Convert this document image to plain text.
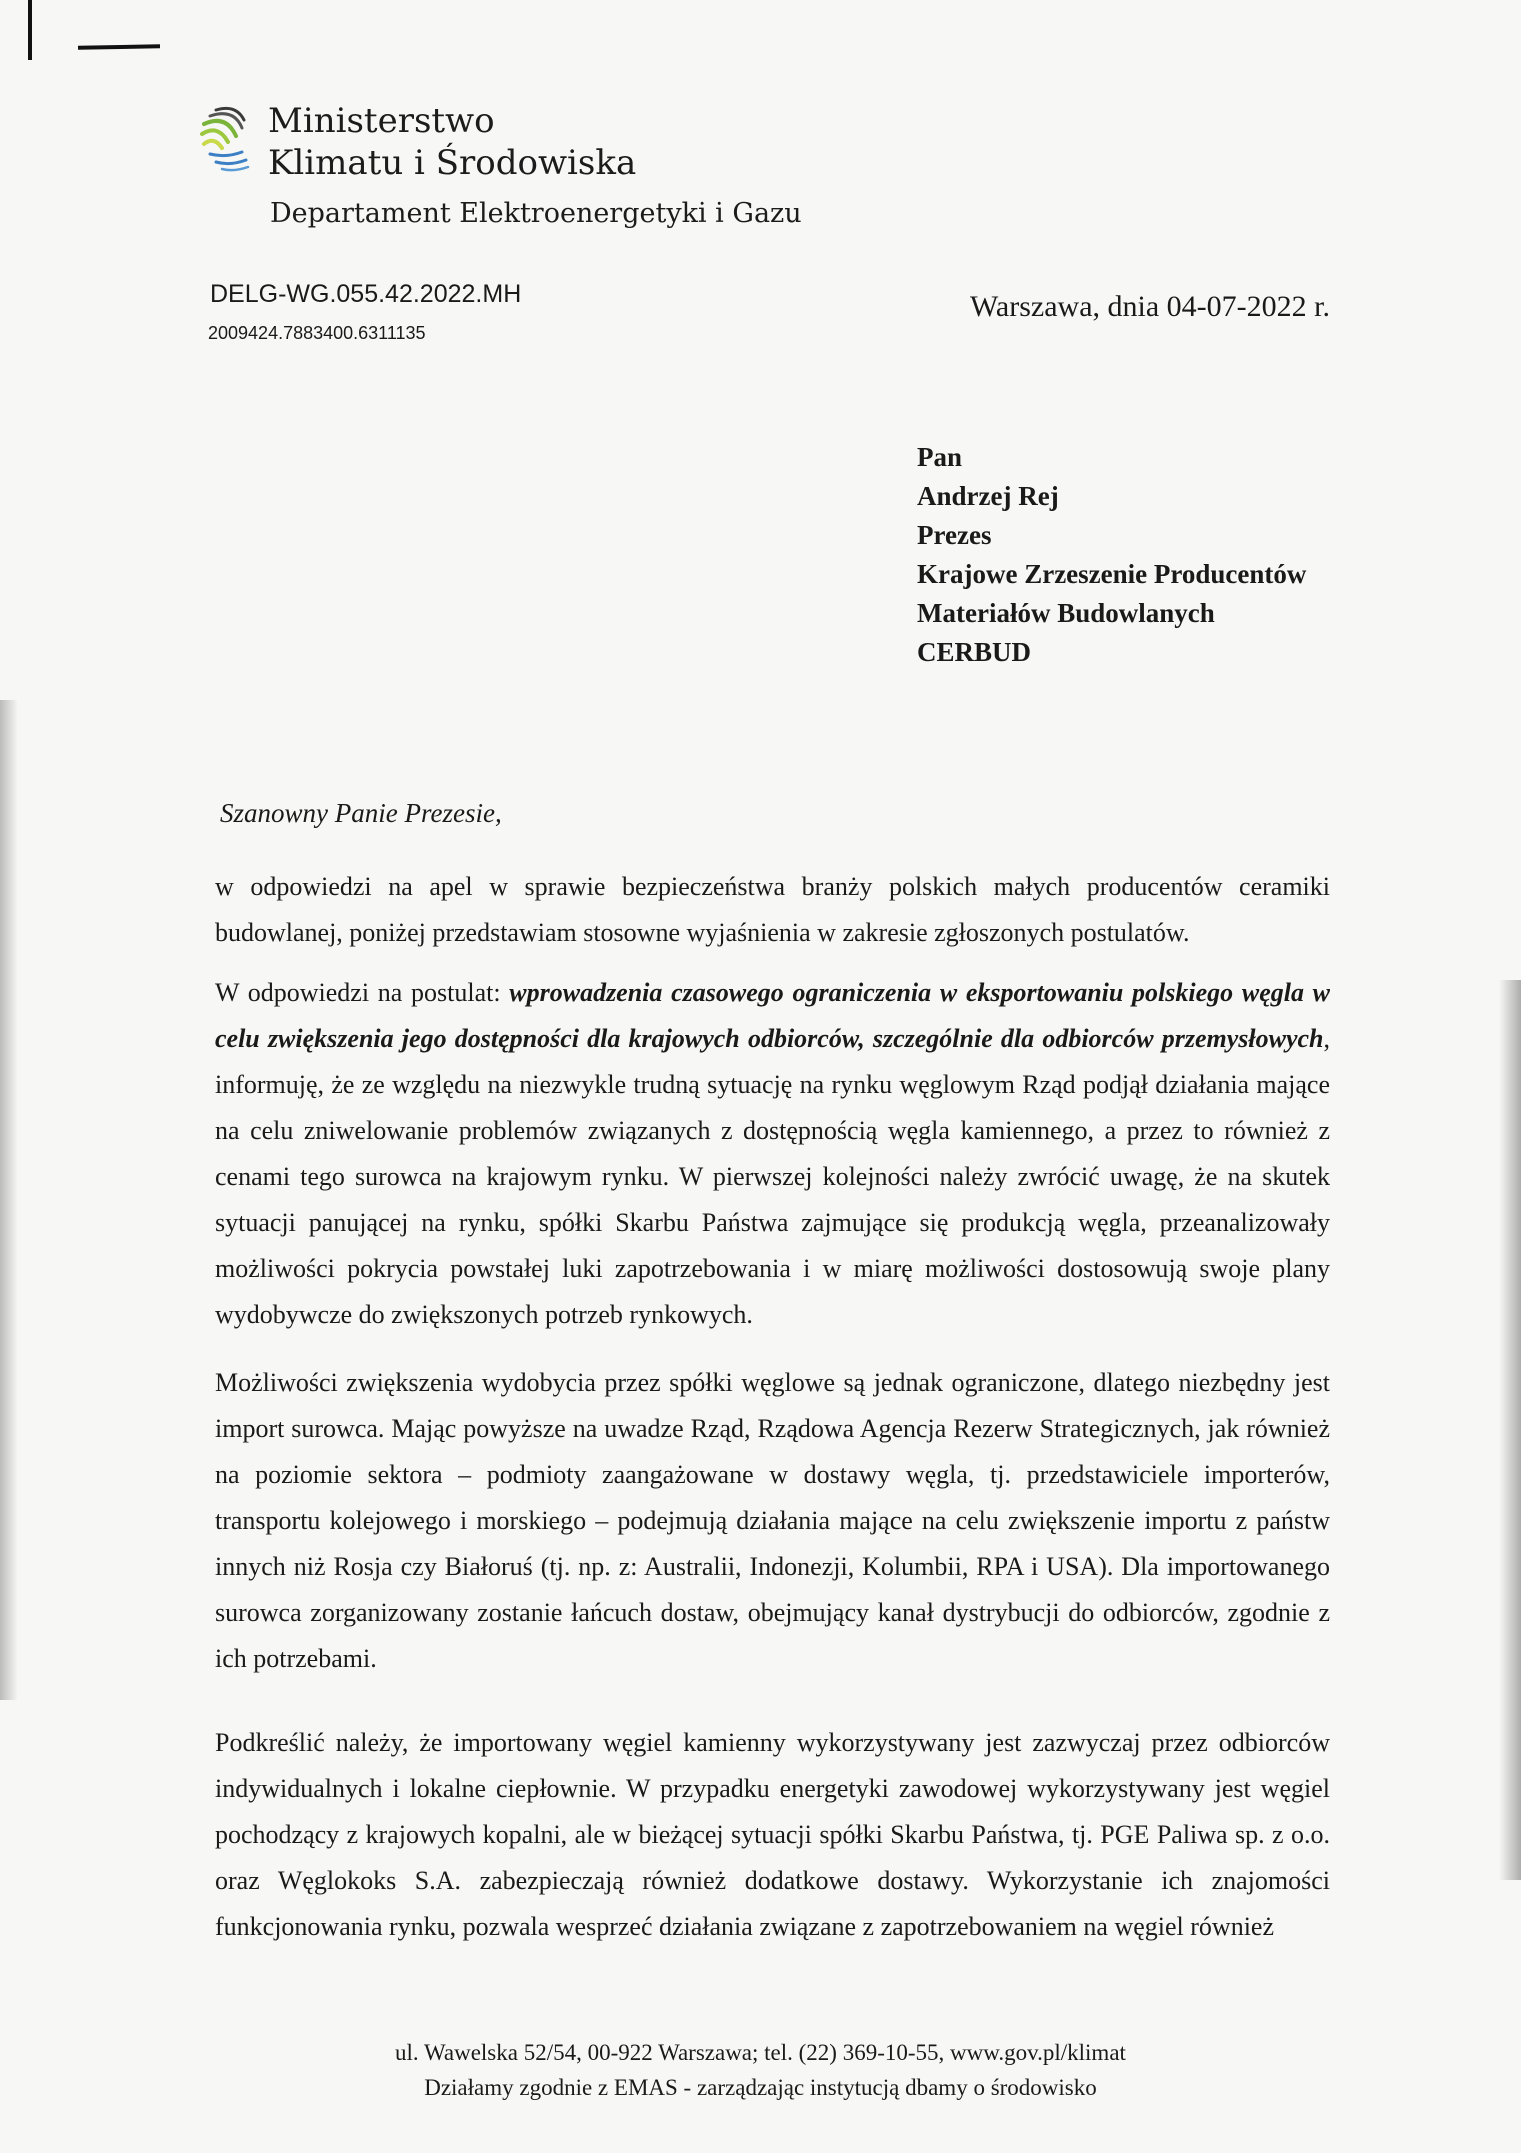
Ministerstwo
Klimatu i Środowiska
Departament Elektroenergetyki i Gazu
DELG-WG.055.42.2022.MH
2009424.7883400.6311135
Warszawa, dnia 04-07-2022 r.
Pan
Andrzej Rej
Prezes
Krajowe Zrzeszenie Producentów
Materiałów Budowlanych
CERBUD
Szanowny Panie Prezesie,
w odpowiedzi na apel w sprawie bezpieczeństwa branży polskich małych producentów ceramiki budowlanej, poniżej przedstawiam stosowne wyjaśnienia w zakresie zgłoszonych postulatów.
W odpowiedzi na postulat: wprowadzenia czasowego ograniczenia w eksportowaniu polskiego węgla w celu zwiększenia jego dostępności dla krajowych odbiorców, szczególnie dla odbiorców przemysłowych, informuję, że ze względu na niezwykle trudną sytuację na rynku węglowym Rząd podjął działania mające na celu zniwelowanie problemów związanych z dostępnością węgla kamiennego, a przez to również z cenami tego surowca na krajowym rynku. W pierwszej kolejności należy zwrócić uwagę, że na skutek sytuacji panującej na rynku, spółki Skarbu Państwa zajmujące się produkcją węgla, przeanalizowały możliwości pokrycia powstałej luki zapotrzebowania i w miarę możliwości dostosowują swoje plany wydobywcze do zwiększonych potrzeb rynkowych.
Możliwości zwiększenia wydobycia przez spółki węglowe są jednak ograniczone, dlatego niezbędny jest import surowca. Mając powyższe na uwadze Rząd, Rządowa Agencja Rezerw Strategicznych, jak również na poziomie sektora – podmioty zaangażowane w dostawy węgla, tj. przedstawiciele importerów, transportu kolejowego i morskiego – podejmują działania mające na celu zwiększenie importu z państw innych niż Rosja czy Białoruś (tj. np. z: Australii, Indonezji, Kolumbii, RPA i USA). Dla importowanego surowca zorganizowany zostanie łańcuch dostaw, obejmujący kanał dystrybucji do odbiorców, zgodnie z ich potrzebami.
Podkreślić należy, że importowany węgiel kamienny wykorzystywany jest zazwyczaj przez odbiorców indywidualnych i lokalne ciepłownie. W przypadku energetyki zawodowej wykorzystywany jest węgiel pochodzący z krajowych kopalni, ale w bieżącej sytuacji spółki Skarbu Państwa, tj. PGE Paliwa sp. z o.o. oraz Węglokoks S.A. zabezpieczają również dodatkowe dostawy. Wykorzystanie ich znajomości funkcjonowania rynku, pozwala wesprzeć działania związane z zapotrzebowaniem na węgiel również
ul. Wawelska 52/54, 00-922 Warszawa; tel. (22) 369-10-55, www.gov.pl/klimat
Działamy zgodnie z EMAS - zarządzając instytucją dbamy o środowisko
